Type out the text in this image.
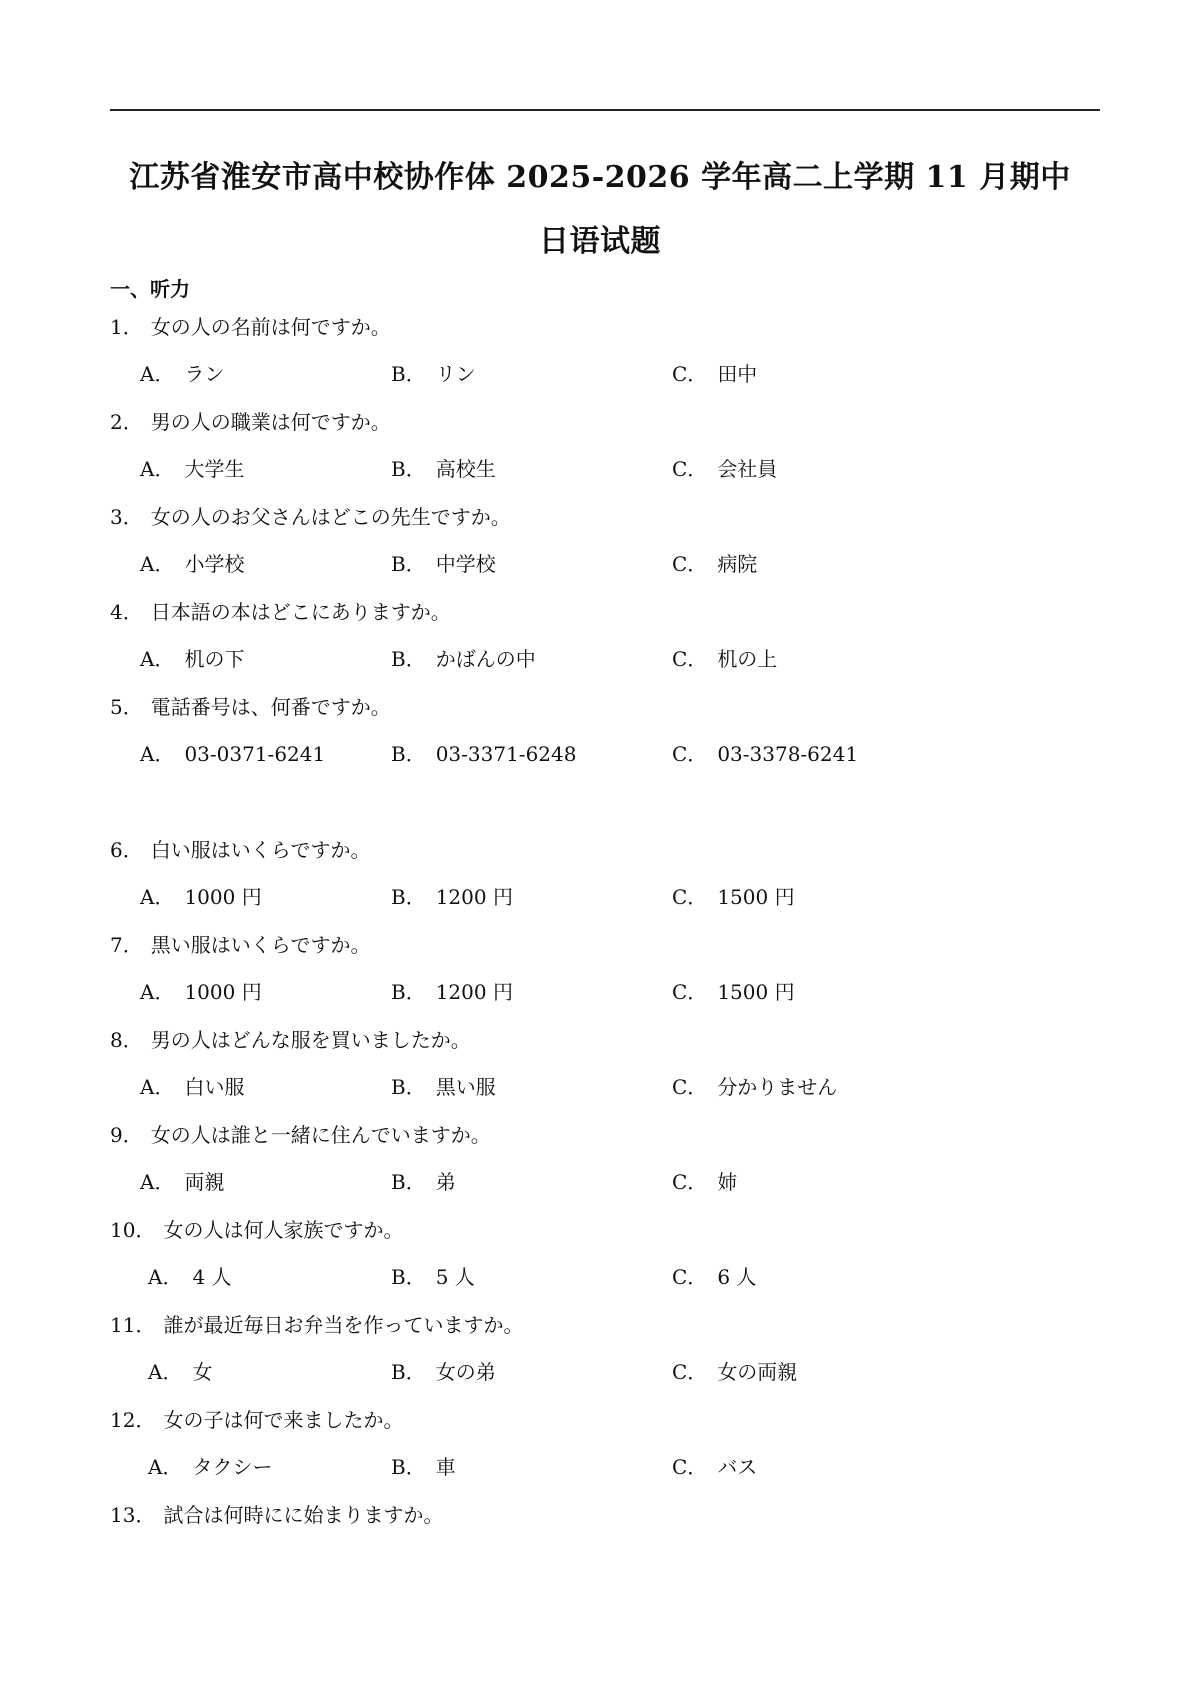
江苏省淮安市高中校协作体 2025-2026 学年高二上学期 11 月期中
日语试题
一、听力
1． 女の人の名前は何ですか。
A． ラン	B． リン	C． 田中
2． 男の人の職業は何ですか。
A． 大学生	B． 高校生	C． 会社員
3． 女の人のお父さんはどこの先生ですか。
A． 小学校	B． 中学校	C． 病院
4． 日本語の本はどこにありますか。
A． 机の下	B． かばんの中	C． 机の上
5． 電話番号は、何番ですか。
A． 03-0371-6241	B． 03-3371-6248	C． 03-3378-6241
6． 白い服はいくらですか。
A． 1000 円	B． 1200 円	C． 1500 円
7． 黒い服はいくらですか。
A． 1000 円	B． 1200 円	C． 1500 円
8． 男の人はどんな服を買いましたか。
A． 白い服	B． 黒い服	C． 分かりません
9． 女の人は誰と一緒に住んでいますか。
A． 両親	B． 弟	C． 姉
10． 女の人は何人家族ですか。
A． 4 人	B． 5 人	C． 6 人
11． 誰が最近毎日お弁当を作っていますか。
A． 女	B． 女の弟	C． 女の両親
12． 女の子は何で来ましたか。
A． タクシー	B． 車	C． バス
13． 試合は何時にに始まりますか。
